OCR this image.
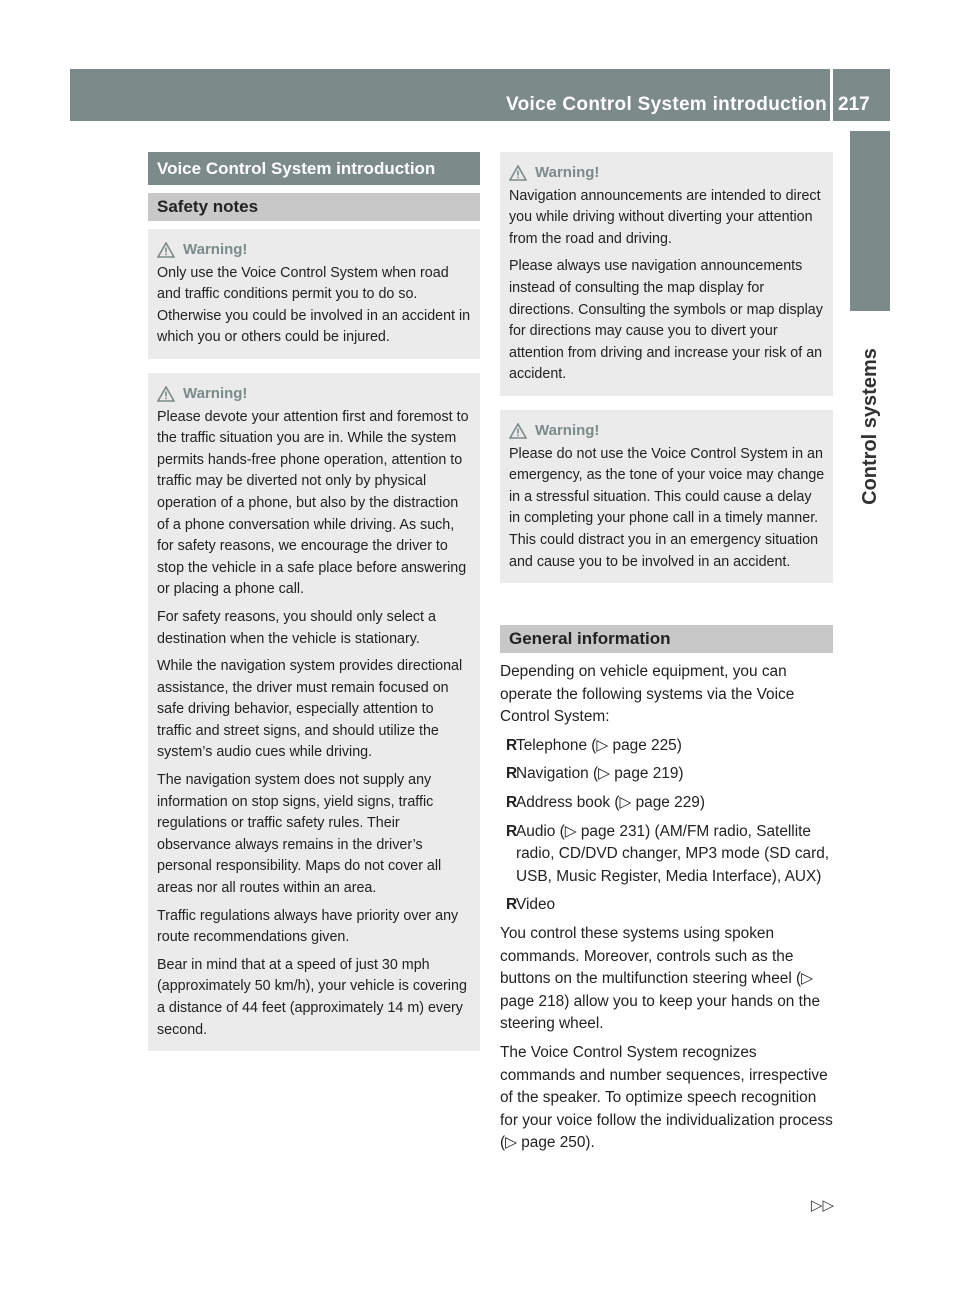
Voice Control System introduction 217
Control systems
Voice Control System introduction
Safety notes
Warning!

Only use the Voice Control System when road and traffic conditions permit you to do so. Otherwise you could be involved in an accident in which you or others could be injured.

Warning!

Please devote your attention first and foremost to the traffic situation you are in. While the system permits hands-free phone operation, attention to traffic may be diverted not only by physical operation of a phone, but also by the distraction of a phone conversation while driving. As such, for safety reasons, we encourage the driver to stop the vehicle in a safe place before answering or placing a phone call.

For safety reasons, you should only select a destination when the vehicle is stationary.

While the navigation system provides directional assistance, the driver must remain focused on safe driving behavior, especially attention to traffic and street signs, and should utilize the system’s audio cues while driving.

The navigation system does not supply any information on stop signs, yield signs, traffic regulations or traffic safety rules. Their observance always remains in the driver’s personal responsibility. Maps do not cover all areas nor all routes within an area.

Traffic regulations always have priority over any route recommendations given.

Bear in mind that at a speed of just 30 mph (approximately 50 km/h), your vehicle is covering a distance of 44 feet (approximately 14 m) every second.

Warning!

Navigation announcements are intended to direct you while driving without diverting your attention from the road and driving.

Please always use navigation announcements instead of consulting the map display for directions. Consulting the symbols or map display for directions may cause you to divert your attention from driving and increase your risk of an accident.

Warning!

Please do not use the Voice Control System in an emergency, as the tone of your voice may change in a stressful situation. This could cause a delay in completing your phone call in a timely manner. This could distract you in an emergency situation and cause you to be involved in an accident.

General information

Depending on vehicle equipment, you can operate the following systems via the Voice Control System:

R
Telephone (▷ page 225)
R
Navigation (▷ page 219)
R
Address book (▷ page 229)
R
Audio (▷ page 231) (AM/FM radio, Satellite radio, CD/DVD changer, MP3 mode (SD card, USB, Music Register, Media Interface), AUX)
R
Video

You control these systems using spoken commands. Moreover, controls such as the buttons on the multifunction steering wheel (▷ page 218) allow you to keep your hands on the steering wheel.

The Voice Control System recognizes commands and number sequences, irrespective of the speaker. To optimize speech recognition for your voice follow the individualization process (▷ page 250).

▷▷
